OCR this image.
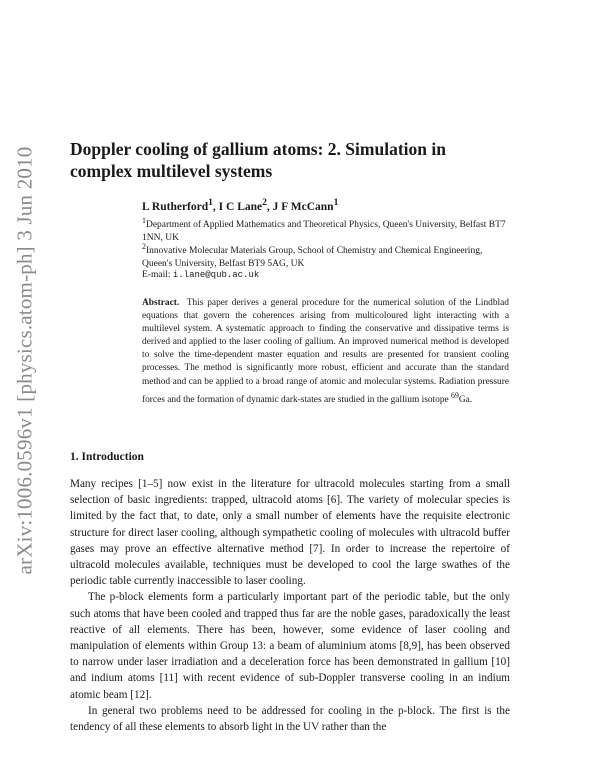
arXiv:1006.0596v1 [physics.atom-ph] 3 Jun 2010 Doppler cooling of gallium atoms: 2. Simulation in complex multilevel systems
L Rutherford$^1$, I C Lane$^2$, J F McCann$^1$
$^1$Department of Applied Mathematics and Theoretical Physics, Queen's University, Belfast BT7 1NN, UK
$^2$Innovative Molecular Materials Group, School of Chemistry and Chemical Engineering, Queen's University, Belfast BT9 5AG, UK
E-mail: i.lane@qub.ac.uk

Abstract. This paper derives a general procedure for the numerical solution of the Lindblad equations that govern the coherences arising from multicoloured light interacting with a multilevel system. A systematic approach to finding the conservative and dissipative terms is derived and applied to the laser cooling of gallium. An improved numerical method is developed to solve the time-dependent master equation and results are presented for transient cooling processes. The method is significantly more robust, efficient and accurate than the standard method and can be applied to a broad range of atomic and molecular systems. Radiation pressure forces and the formation of dynamic dark-states are studied in the gallium isotope $^{69}$Ga.

1. Introduction

Many recipes [1–5] now exist in the literature for ultracold molecules starting from a small selection of basic ingredients: trapped, ultracold atoms [6]. The variety of molecular species is limited by the fact that, to date, only a small number of elements have the requisite electronic structure for direct laser cooling, although sympathetic cooling of molecules with ultracold buffer gases may prove an effective alternative method [7]. In order to increase the repertoire of ultracold molecules available, techniques must be developed to cool the large swathes of the periodic table currently inaccessible to laser cooling.

The p-block elements form a particularly important part of the periodic table, but the only such atoms that have been cooled and trapped thus far are the noble gases, paradoxically the least reactive of all elements. There has been, however, some evidence of laser cooling and manipulation of elements within Group 13: a beam of aluminium atoms [8,9], has been observed to narrow under laser irradiation and a deceleration force has been demonstrated in gallium [10] and indium atoms [11] with recent evidence of sub-Doppler transverse cooling in an indium atomic beam [12].

In general two problems need to be addressed for cooling in the p-block. The first is the tendency of all these elements to absorb light in the UV rather than the
